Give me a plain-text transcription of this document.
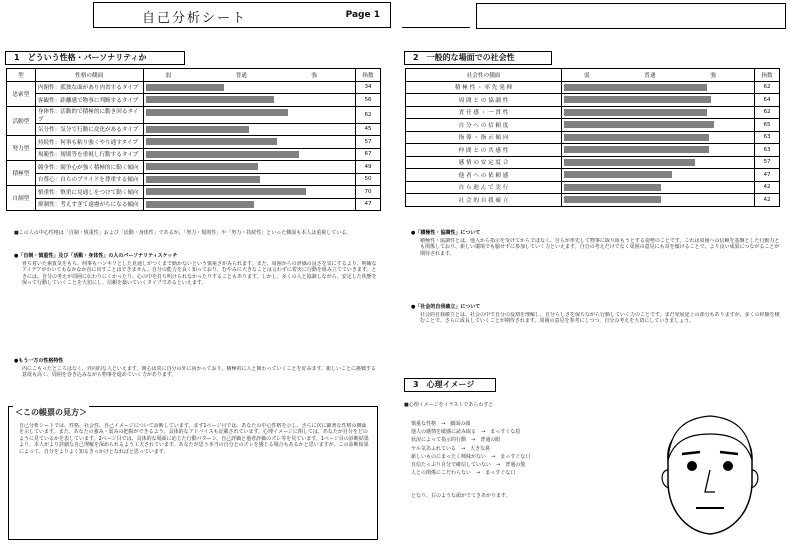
自己分析シート	Page 1
1　どういう性格・パーソナリティか
型	性格の側面	弱 普通 強	指数
思索型	内閉性：孤独な面があり内省するタイプ		34
	客観性：距離感で物事に判断するタイプ		56
活動型	身体性：活動的で積極的に動き回るタイプ		62
	気分性：気分で行動に変化があるタイプ		45
努力型	持続性：何事も粘り強くやり通すタイプ		57
	規範性：規則等を重視し行動するタイプ		67
積極型	競争性：競争心が強く積極的に動く傾向		49
	自尊心：自らのプライドを尊重する傾向		50
自制型	慎重性：慎重に見通しをつけて動く傾向		70
	抑制性：考えすぎて遠慮がちになる傾向		47
■この人の中心性格は「自制・慎重性」および「活動・身体性」であるが、「努力・規則性」や「努力・持続性」といった側面も本人は重視している。
●「自制・慎重性」及び「活動・身体性」の人のパーソナリティスケッチ
喜ち着いた素質気をもち、何事もハンキリとした見通しがつくまで動かないという慎重さがみられます。また、周囲からの評価の良さを気にするより、明確なアイデアがわいてもなかなか直に出すことはできません。自分の能力を良く知っており、むやみに大きなことは言わずに着実に行動を組み立てていきます。ときには、自分の考えが周囲に伝わりにくかったり、心の中を打ち明けられなかったりすることもあります。しかし、多くの人と協調しながら、安定した状態を保って行動していくことを大切にし、信頼を築いていくタイプであるといえます。
●もう一方の性格特性
内にこもったところはなく、外向的な人といえます。関心は常に自分の外に向かっており、積極的に人と関わっていくことを好みます。新しいことに挑戦する意欲も高く、周囲を巻き込みながら物事を進めていく力があります。
＜この帳票の見方＞
自己分析シートでは、性格、社会性、自己イメージについて診断しています。まず1ページ目では、あなたの中心性格を示し、さらに次に顕著な性格の側面を示しています。また、あなたの強み・弱みの把握ができるよう、具体的なアドバイスも記載されています。心理イメージに関しては、あなたが自分をどのように見ているかを表しています。2ページ目では、具体的な場面に応じた行動パターン、自己評価と他者評価のズレ等を見ています。1ページ目の診断結果より、本人がより詳細な自己理解を深められるよう工夫されています。あなたが思う本当の自分とのズレを感じる場合もあるかと思いますが、この診断結果によって、自分をよりよく知るきっかけとなればと思っています。
2　一般的な場面での社会性
社会性の側面	弱 普通 強	指数
積 極 性 ・ 率 先 発 揮		62
周 囲 と の 協 調 性		64
責 任 感 ・ 一 貫 性		62
自 分 へ の 信 頼 度		65
指 導 ・ 指 示 傾 向		63
仲 間 と の 共 感 性		63
感 情 の 安 定 度 合		57
他 者 へ の 依 頼 感		47
自 ら 進 ん で 実 行		42
社 会 的 自 我 確 立		42
●「積極性・協調性」について
積極性・協調性とは、他人から指示を受けてからではなく、自らが率先して物事に取り組もうとする姿勢のことです。これは周囲への信頼を基盤とした行動力とも関係しており、新しい環境でも臆せずに参加していく力といえます。自分の考えだけでなく周囲の意見にも耳を傾けることで、より良い成果につながることが期待されます。
●「社会的自我確立」について
社会的自我確立とは、社会の中で自分の役割を理解し、自分らしさを保ちながら行動していく力のことです。まだ発展途上の部分もありますが、多くの経験を積むことで、さらに成長していくことが期待されます。周囲の意見を参考にしつつ、自分の考えを大切にしていきましょう。
3　心理イメージ
■心理イメージをイラストであらわすと
慎重な性格　→　細面の顔
他人の感情を敏感に読み取る　→　まっすぐな眉
状況によって指示的行動　→　普通の眼
ヤル気あふれている　→　大きな鼻
新しいものにまったく興味がない　→　まっすぐな口
自信たっぷり自分で確信していない　→　普通の髪
人との関係にこだわらない　→　まっすぐな口
となり、右のような顔がでてきあがります。
